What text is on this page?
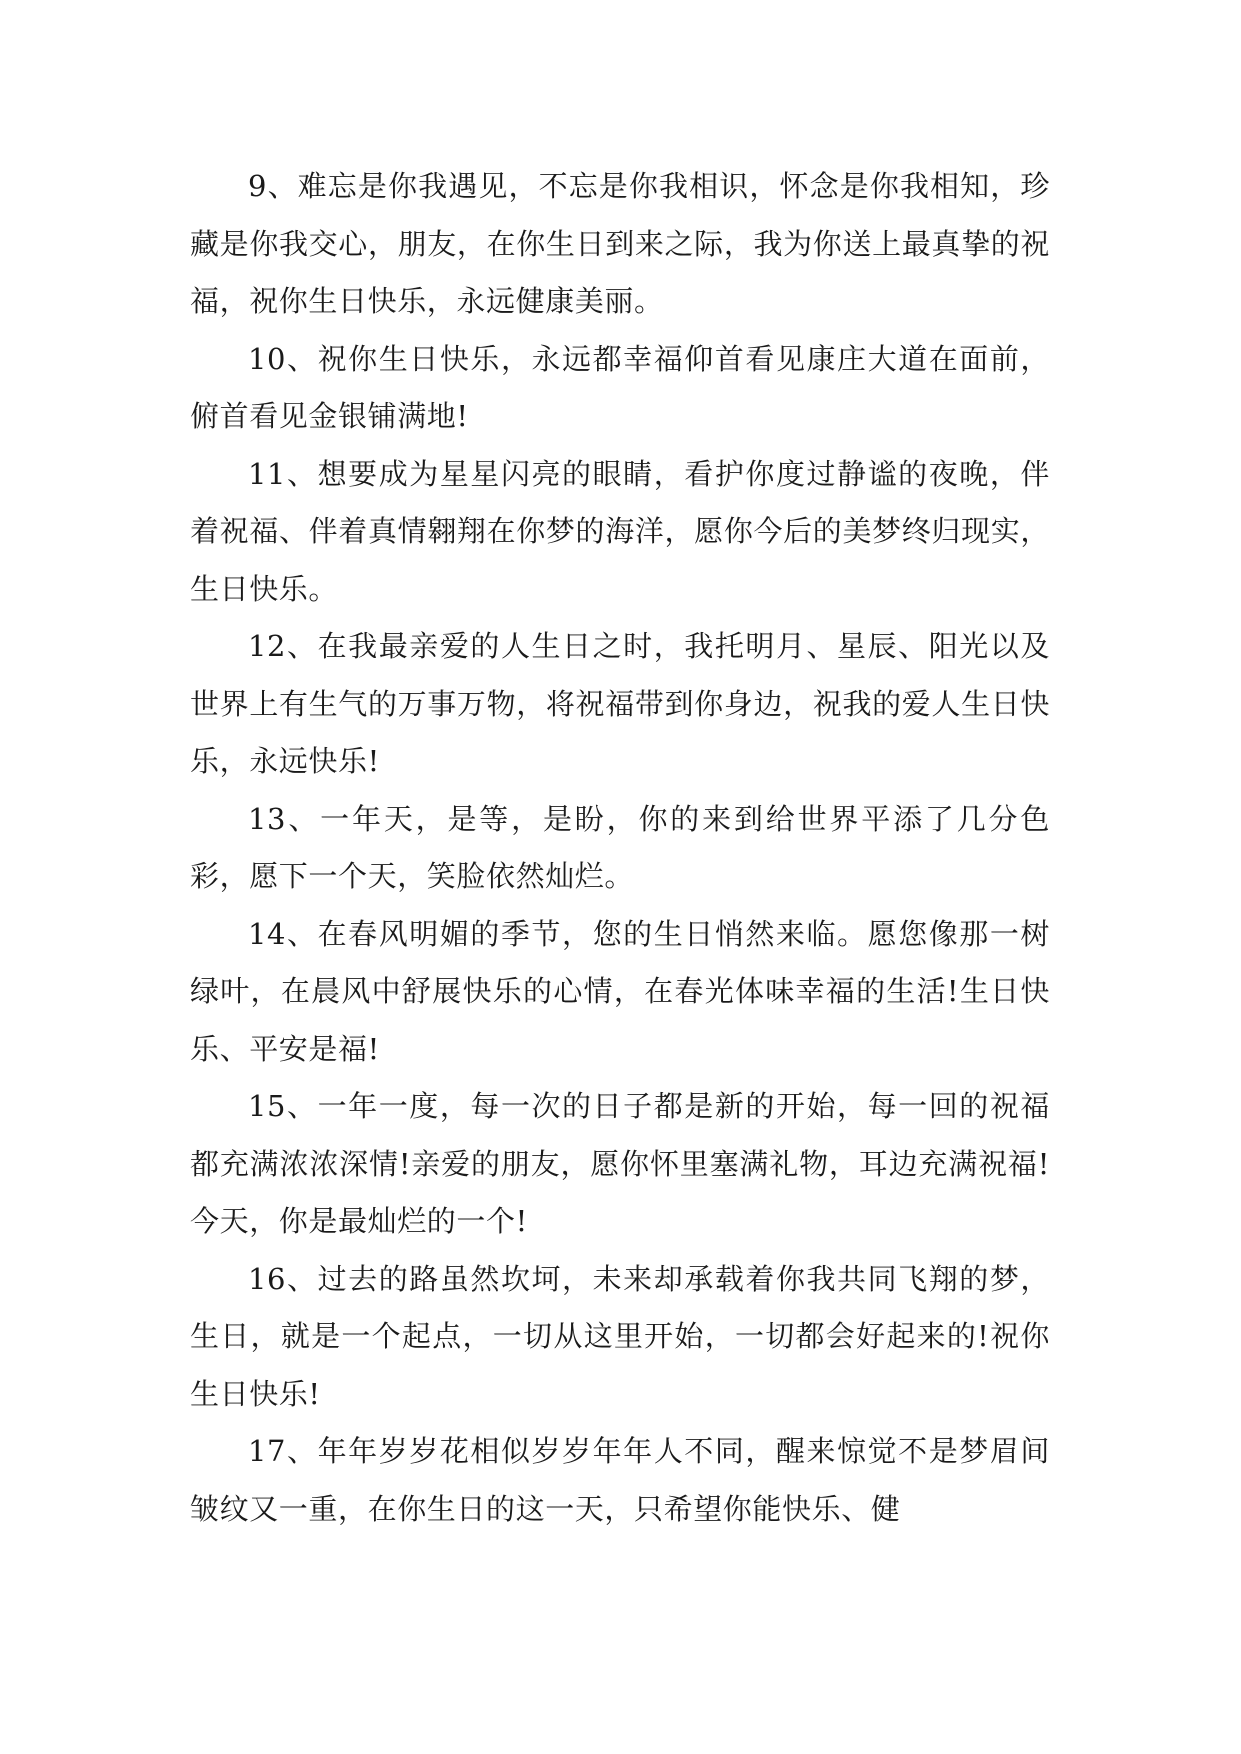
9、难忘是你我遇见，不忘是你我相识，怀念是你我相知，珍藏是你我交心，朋友，在你生日到来之际，我为你送上最真挚的祝福，祝你生日快乐，永远健康美丽。

10、祝你生日快乐，永远都幸福仰首看见康庄大道在面前，俯首看见金银铺满地!

11、想要成为星星闪亮的眼睛，看护你度过静谧的夜晚，伴着祝福、伴着真情翱翔在你梦的海洋，愿你今后的美梦终归现实，生日快乐。

12、在我最亲爱的人生日之时，我托明月、星辰、阳光以及世界上有生气的万事万物，将祝福带到你身边，祝我的爱人生日快乐，永远快乐!

13、一年天，是等，是盼，你的来到给世界平添了几分色彩，愿下一个天，笑脸依然灿烂。

14、在春风明媚的季节，您的生日悄然来临。愿您像那一树绿叶，在晨风中舒展快乐的心情，在春光体味幸福的生活!生日快乐、平安是福!

15、一年一度，每一次的日子都是新的开始，每一回的祝福都充满浓浓深情!亲爱的朋友，愿你怀里塞满礼物，耳边充满祝福!今天，你是最灿烂的一个!

16、过去的路虽然坎坷，未来却承载着你我共同飞翔的梦，生日，就是一个起点，一切从这里开始，一切都会好起来的!祝你生日快乐!

17、年年岁岁花相似岁岁年年人不同，醒来惊觉不是梦眉间皱纹又一重，在你生日的这一天，只希望你能快乐、健
